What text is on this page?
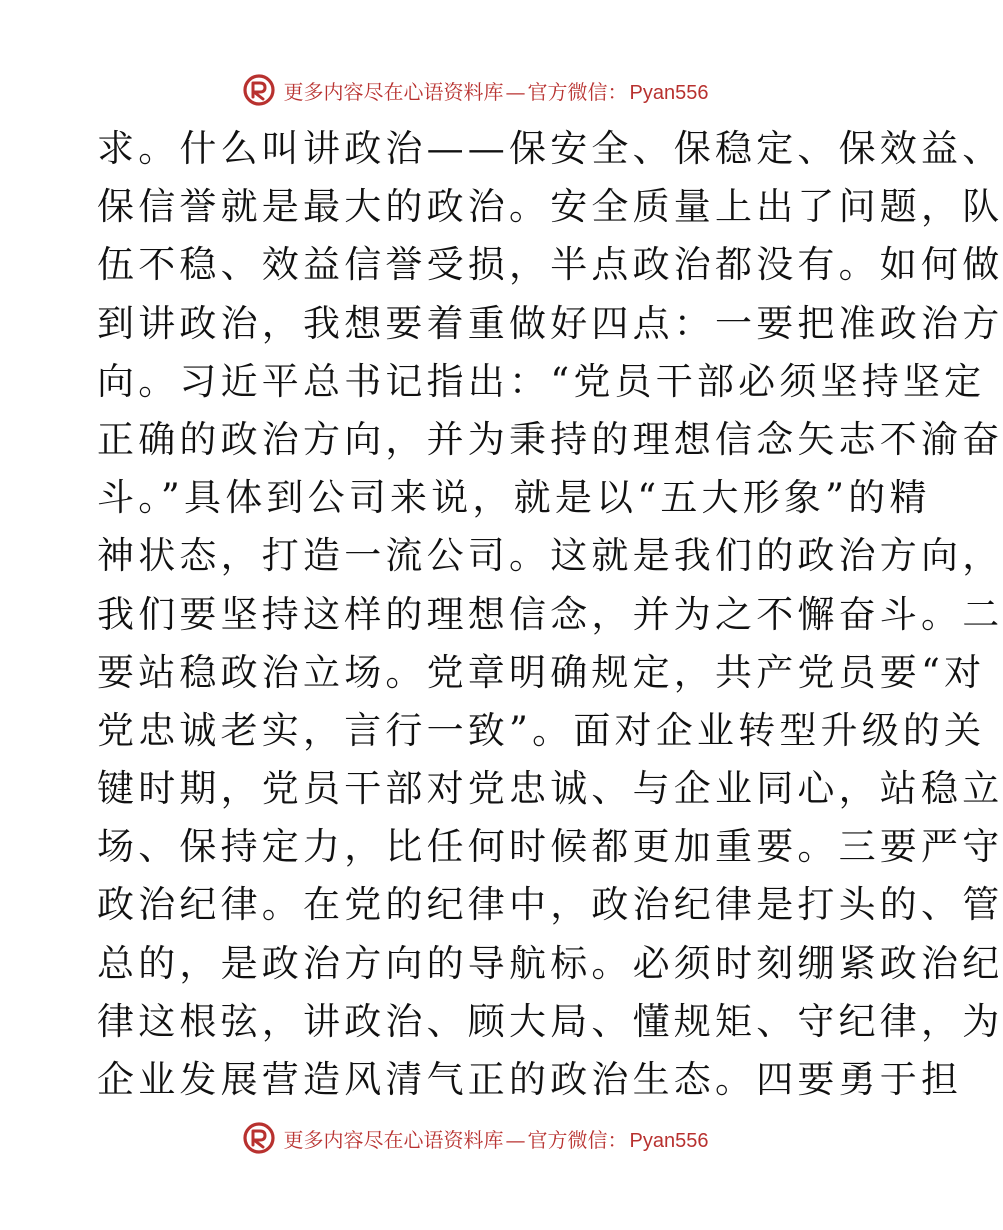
更多内容尽在心语资料库 — 官方微信： Pyan556
求。什么叫讲政治——保安全、保稳定、保效益、
保信誉就是最大的政治。安全质量上出了问题，队
伍不稳、效益信誉受损，半点政治都没有。如何做
到讲政治，我想要着重做好四点：一要把准政治方
向。习近平总书记指出：“党员干部必须坚持坚定
正确的政治方向，并为秉持的理想信念矢志不渝奋
斗。”具体到公司来说，就是以“五大形象”的精
神状态，打造一流公司。这就是我们的政治方向，
我们要坚持这样的理想信念，并为之不懈奋斗。二
要站稳政治立场。党章明确规定，共产党员要“对
党忠诚老实，言行一致”。面对企业转型升级的关
键时期，党员干部对党忠诚、与企业同心，站稳立
场、保持定力，比任何时候都更加重要。三要严守
政治纪律。在党的纪律中，政治纪律是打头的、管
总的，是政治方向的导航标。必须时刻绷紧政治纪
律这根弦，讲政治、顾大局、懂规矩、守纪律，为
企业发展营造风清气正的政治生态。四要勇于担
更多内容尽在心语资料库 — 官方微信： Pyan556
